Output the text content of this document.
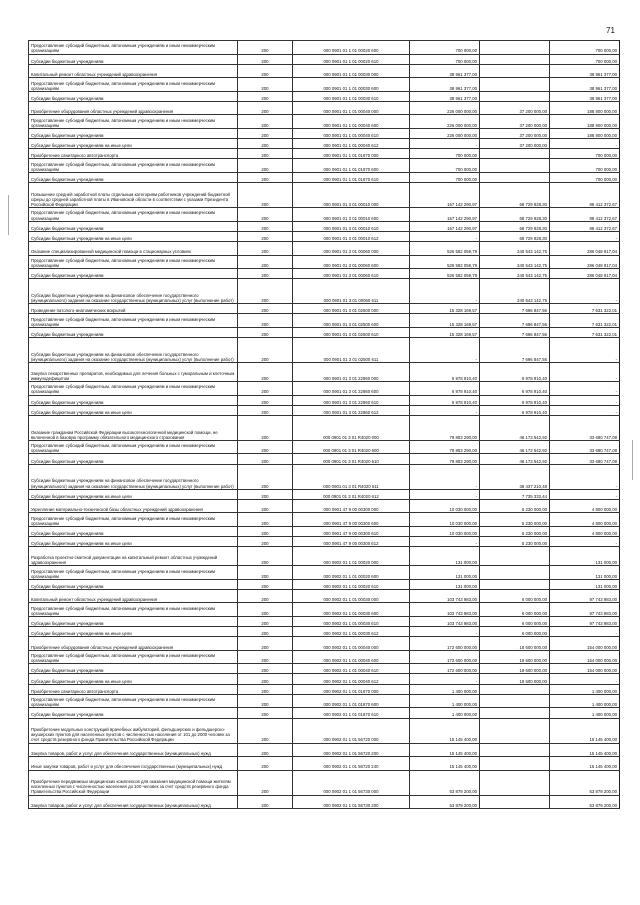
71
Предоставление субсидий бюджетным, автономным учреждениям и иным некоммерческим организациям	200	000 0901 01 1 01 00020 600	700 000,00		700 000,00
Субсидии бюджетным учреждениям	200	000 0901 01 1 01 00020 610	700 000,00		700 000,00
Капитальный ремонт областных учреждений здравоохранения	200	000 0901 01 1 01 00030 000	38 961 377,00		38 961 377,00
Предоставление субсидий бюджетным, автономным учреждениям и иным некоммерческим организациям	200	000 0901 01 1 01 00030 600	38 961 377,00		38 961 377,00
Субсидии бюджетным учреждениям	200	000 0901 01 1 01 00030 610	38 961 377,00		38 961 377,00
Приобретение оборудования областных учреждений здравоохранения	200	000 0901 01 1 01 00040 000	226 000 000,00	37 200 000,00	188 800 000,00
Предоставление субсидий бюджетным, автономным учреждениям и иным некоммерческим организациям	200	000 0901 01 1 01 00040 600	226 000 000,00	37 200 000,00	188 800 000,00
Субсидии бюджетным учреждениям	200	000 0901 01 1 01 00040 610	226 000 000,00	37 200 000,00	188 800 000,00
Субсидии бюджетным учреждениям на иные цели	200	000 0901 01 1 01 00040 612	-	37 200 000,00	-
Приобретение санитарного автотранспорта	200	000 0901 01 1 01 01870 000	700 000,00		700 000,00
Предоставление субсидий бюджетным, автономным учреждениям и иным некоммерческим организациям	200	000 0901 01 1 01 01870 600	700 000,00		700 000,00
Субсидии бюджетным учреждениям	200	000 0901 01 1 01 01870 610	700 000,00		700 000,00
Повышение средней заработной платы отдельным категориям работников учреждений бюджетной сферы до средней заработной платы в Ивановской области в соответствии с указами Президента Российской Федерации	200	000 0901 01 3 01 00010 000	157 142 290,97	68 729 828,30	88 412 372,67
Предоставление субсидий бюджетным, автономным учреждениям и иным некоммерческим организациям	200	000 0901 01 3 01 00010 600	157 142 290,97	68 729 828,30	88 412 372,67
Субсидии бюджетным учреждениям	200	000 0901 01 3 01 00010 610	157 142 290,97	68 729 828,30	88 412 372,67
Субсидии бюджетным учреждениям на иные цели	200	000 0901 01 3 01 00010 612	-	68 729 828,30	-
Оказание специализированной медицинской помощи в стационарных условиях	200	000 0901 01 3 01 00060 000	526 582 059,79	240 543 142,75	286 048 917,04
Предоставление субсидий бюджетным, автономным учреждениям и иным некоммерческим организациям	200	000 0901 01 3 01 00060 600	526 582 059,79	240 543 142,75	286 048 917,04
Субсидии бюджетным учреждениям	200	000 0901 01 3 01 00060 610	526 582 059,79	240 543 142,75	286 048 917,04
Субсидии бюджетным учреждениям на финансовое обеспечение государственного (муниципального) задания на оказание государственных (муниципальных) услуг (выполнение работ)	200	000 0901 01 3 01 00060 611	-	240 543 142,75	-
Проведение патолого-анатомических вскрытий	200	000 0901 01 3 01 02500 000	15 328 169,57	7 696 847,56	7 631 322,01
Предоставление субсидий бюджетным, автономным учреждениям и иным некоммерческим организациям	200	000 0901 01 3 01 02500 600	15 328 169,57	7 696 847,56	7 631 322,01
Субсидии бюджетным учреждениям	200	000 0901 01 3 01 02500 610	15 328 169,57	7 696 847,56	7 631 322,01
Субсидии бюджетным учреждениям на финансовое обеспечение государственного (муниципального) задания на оказание государственных (муниципальных) услуг (выполнение работ)	200	000 0901 01 3 01 02500 611	-	7 696 847,56	-
Закупка лекарственных препаратов, необходимых для лечения больных с гуморальным и клеточным иммунодефицитом	200	000 0901 01 3 01 22860 000	6 978 910,40	6 978 910,40	-
Предоставление субсидий бюджетным, автономным учреждениям и иным некоммерческим организациям	200	000 0901 01 3 01 22860 600	6 978 910,40	6 978 910,40	-
Субсидии бюджетным учреждениям	200	000 0901 01 3 01 22860 610	6 978 910,40	6 978 910,40	-
Субсидии бюджетным учреждениям на иные цели	200	000 0901 01 3 01 22860 612	-	6 978 910,40	-
Оказание гражданам Российской Федерации высокотехнологичной медицинской помощи, не включенной в базовую программу обязательного медицинского страхования	200	000 0901 01 3 01 R4020 000	79 853 290,00	46 172 542,92	33 680 747,08
Предоставление субсидий бюджетным, автономным учреждениям и иным некоммерческим организациям	200	000 0901 01 3 01 R4020 600	79 853 290,00	46 172 542,92	33 680 747,08
Субсидии бюджетным учреждениям	200	000 0901 01 3 01 R4020 610	79 853 290,00	46 172 542,92	33 680 747,08
Субсидии бюджетным учреждениям на финансовое обеспечение государственного (муниципального) задания на оказание государственных (муниципальных) услуг (выполнение работ)	200	000 0901 01 3 01 R4020 611	-	38 437 210,48	-
Субсидии бюджетным учреждениям на иные цели	200	000 0901 01 3 01 R4020 612	-	7 735 332,44	-
Укрепление материально-технической базы областных учреждений здравоохранения	200	000 0901 47 9 00 00300 000	10 030 000,00	5 230 000,00	4 800 000,00
Предоставление субсидий бюджетным, автономным учреждениям и иным некоммерческим организациям	200	000 0901 47 9 00 00300 600	10 030 000,00	5 230 000,00	4 800 000,00
Субсидии бюджетным учреждениям	200	000 0901 47 9 00 00300 610	10 030 000,00	5 230 000,00	4 800 000,00
Субсидии бюджетным учреждениям на иные цели	200	000 0901 47 9 00 00300 612	-	5 230 000,00	-
Разработка проектно-сметной документации на капитальный ремонт областных учреждений здравоохранения	200	000 0902 01 1 01 00020 000	131 000,00		131 000,00
Предоставление субсидий бюджетным, автономным учреждениям и иным некоммерческим организациям	200	000 0902 01 1 01 00020 600	131 000,00		131 000,00
Субсидии бюджетным учреждениям	200	000 0902 01 1 01 00020 610	131 000,00		131 000,00
Капитальный ремонт областных учреждений здравоохранения	200	000 0902 01 1 01 00030 000	103 743 983,00	6 000 000,00	97 743 983,00
Предоставление субсидий бюджетным, автономным учреждениям и иным некоммерческим организациям	200	000 0902 01 1 01 00030 600	103 743 983,00	6 000 000,00	97 743 983,00
Субсидии бюджетным учреждениям	200	000 0902 01 1 01 00030 610	103 743 983,00	6 000 000,00	97 743 983,00
Субсидии бюджетным учреждениям на иные цели	200	000 0902 01 1 01 00030 612	-	6 000 000,00	-
Приобретение оборудования областных учреждений здравоохранения	200	000 0902 01 1 01 00040 000	172 600 000,00	18 600 000,00	154 000 000,00
Предоставление субсидий бюджетным, автономным учреждениям и иным некоммерческим организациям	200	000 0902 01 1 01 00040 600	172 600 000,00	18 600 000,00	154 000 000,00
Субсидии бюджетным учреждениям	200	000 0902 01 1 01 00040 610	172 600 000,00	18 600 000,00	154 000 000,00
Субсидии бюджетным учреждениям на иные цели	200	000 0902 01 1 01 00040 612	-	18 600 000,00	-
Приобретение санитарного автотранспорта	200	000 0902 01 1 01 01870 000	1 400 000,00		1 400 000,00
Предоставление субсидий бюджетным, автономным учреждениям и иным некоммерческим организациям	200	000 0902 01 1 01 01870 600	1 400 000,00		1 400 000,00
Субсидии бюджетным учреждениям	200	000 0902 01 1 01 01870 610	1 400 000,00		1 400 000,00
Приобретение модульных конструкций врачебных амбулаторий, фельдшерских и фельдшерско-акушерских пунктов для населенных пунктов с численностью населения от 101 до 2000 человек за счет средств резервного фонда Правительства Российской Федерации	200	000 0902 01 1 01 56720 000	15 145 400,00		15 145 400,00
Закупка товаров, работ и услуг для обеспечения государственных (муниципальных) нужд	200	000 0902 01 1 01 56720 200	15 145 400,00		15 145 400,00
Иные закупки товаров, работ и услуг для обеспечения государственных (муниципальных) нужд	200	000 0902 01 1 01 56720 240	15 145 400,00		15 145 400,00
Приобретение передвижных медицинских комплексов для оказания медицинской помощи жителям населенных пунктов с численностью населения до 100 человек за счет средств резервного фонда Правительства Российской Федерации	200	000 0902 01 1 01 56730 000	53 879 200,00		53 879 200,00
Закупка товаров, работ и услуг для обеспечения государственных (муниципальных) нужд	200	000 0902 01 1 01 56730 200	53 879 200,00		53 879 200,00
